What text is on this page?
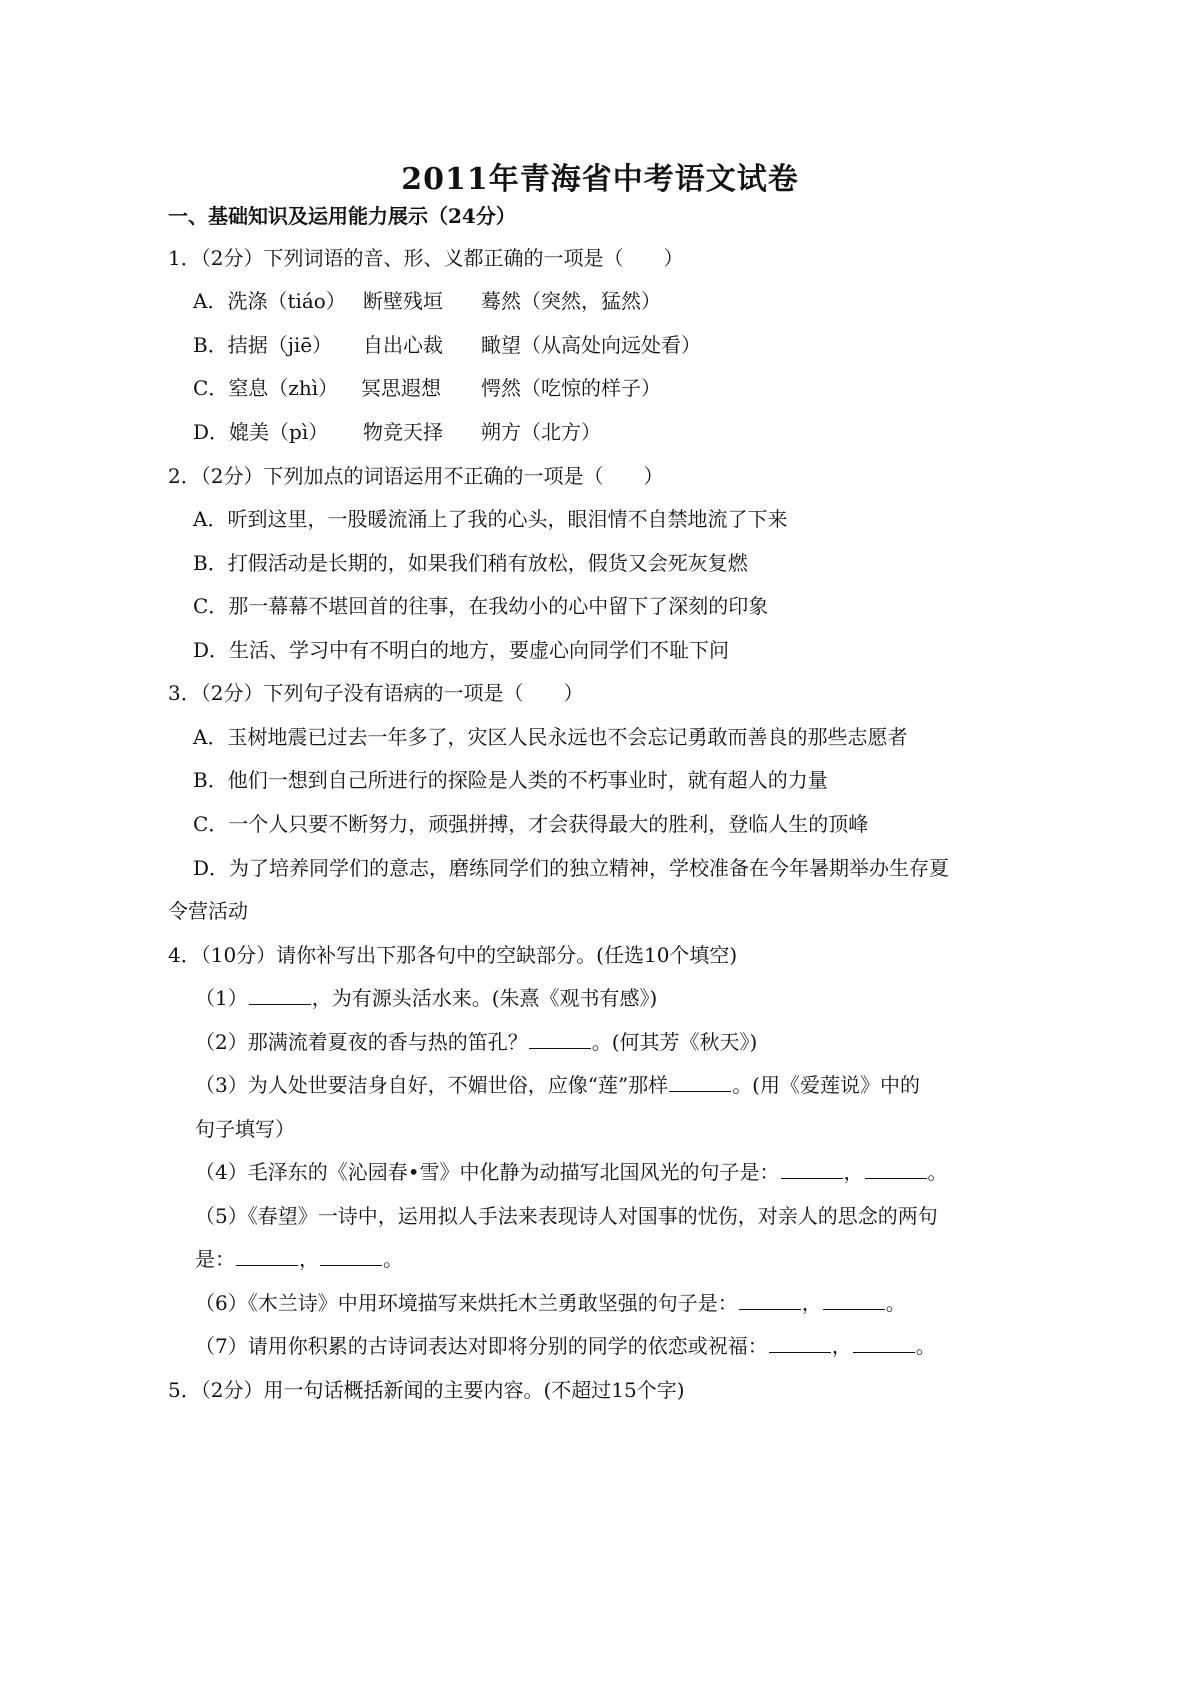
2011年青海省中考语文试卷
一、基础知识及运用能力展示（24分）
1．（2分）下列词语的音、形、义都正确的一项是（　　）
A．洗涤（tiáo） 断壁残垣 蓦然（突然，猛然）
B．拮据（jiē） 自出心裁 瞰望（从高处向远处看）
C．窒息（zhì） 冥思遐想 愕然（吃惊的样子）
D．媲美（pì） 物竞天择 朔方（北方）
2．（2分）下列加点的词语运用不正确的一项是（　　）
A．听到这里，一股暖流涌上了我的心头，眼泪情不自禁地流了下来
B．打假活动是长期的，如果我们稍有放松，假货又会死灰复燃
C．那一幕幕不堪回首的往事，在我幼小的心中留下了深刻的印象
D．生活、学习中有不明白的地方，要虚心向同学们不耻下问
3．（2分）下列句子没有语病的一项是（　　）
A．玉树地震已过去一年多了，灾区人民永远也不会忘记勇敢而善良的那些志愿者
B．他们一想到自己所进行的探险是人类的不朽事业时，就有超人的力量
C．一个人只要不断努力，顽强拼搏，才会获得最大的胜利，登临人生的顶峰
D．为了培养同学们的意志，磨练同学们的独立精神，学校准备在今年暑期举办生存夏
令营活动
4．（10分）请你补写出下那各句中的空缺部分。(任选10个填空)
（1）	，为有源头活水来。(朱熹《观书有感》)
（2）那满流着夏夜的香与热的笛孔？	。(何其芳《秋天》)
（3）为人处世要洁身自好，不媚世俗，应像“莲”那样	。(用《爱莲说》中的
句子填写）
（4）毛泽东的《沁园春•雪》中化静为动描写北国风光的句子是：	，	。
（5）《春望》一诗中，运用拟人手法来表现诗人对国事的忧伤，对亲人的思念的两句
是：	，	。
（6）《木兰诗》中用环境描写来烘托木兰勇敢坚强的句子是：	，	。
（7）请用你积累的古诗词表达对即将分别的同学的依恋或祝福：	，	。
5．（2分）用一句话概括新闻的主要内容。(不超过15个字)
